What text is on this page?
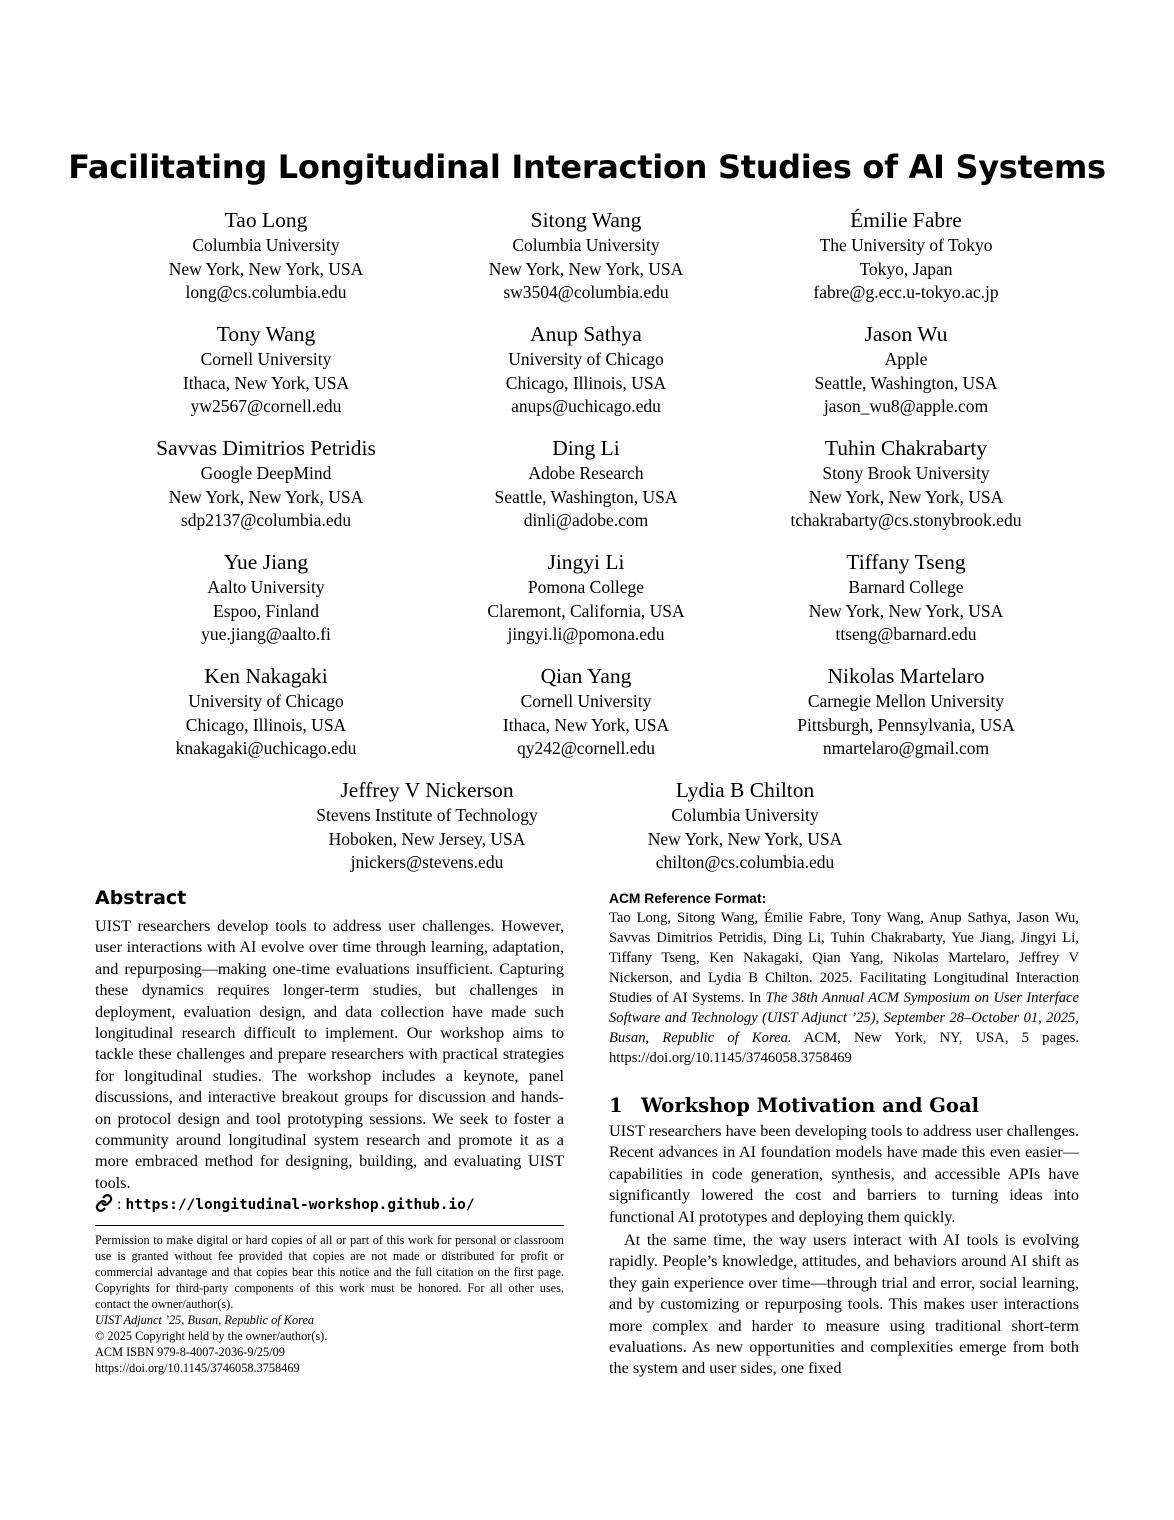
Facilitating Longitudinal Interaction Studies of AI Systems
Tao Long
Columbia University
New York, New York, USA
long@cs.columbia.edu
Sitong Wang
Columbia University
New York, New York, USA
sw3504@columbia.edu
Émilie Fabre
The University of Tokyo
Tokyo, Japan
fabre@g.ecc.u-tokyo.ac.jp
Tony Wang
Cornell University
Ithaca, New York, USA
yw2567@cornell.edu
Anup Sathya
University of Chicago
Chicago, Illinois, USA
anups@uchicago.edu
Jason Wu
Apple
Seattle, Washington, USA
jason_wu8@apple.com
Savvas Dimitrios Petridis
Google DeepMind
New York, New York, USA
sdp2137@columbia.edu
Ding Li
Adobe Research
Seattle, Washington, USA
dinli@adobe.com
Tuhin Chakrabarty
Stony Brook University
New York, New York, USA
tchakrabarty@cs.stonybrook.edu
Yue Jiang
Aalto University
Espoo, Finland
yue.jiang@aalto.fi
Jingyi Li
Pomona College
Claremont, California, USA
jingyi.li@pomona.edu
Tiffany Tseng
Barnard College
New York, New York, USA
ttseng@barnard.edu
Ken Nakagaki
University of Chicago
Chicago, Illinois, USA
knakagaki@uchicago.edu
Qian Yang
Cornell University
Ithaca, New York, USA
qy242@cornell.edu
Nikolas Martelaro
Carnegie Mellon University
Pittsburgh, Pennsylvania, USA
nmartelaro@gmail.com
Jeffrey V Nickerson
Stevens Institute of Technology
Hoboken, New Jersey, USA
jnickers@stevens.edu
Lydia B Chilton
Columbia University
New York, New York, USA
chilton@cs.columbia.edu
Abstract

UIST researchers develop tools to address user challenges. However, user interactions with AI evolve over time through learning, adaptation, and repurposing—making one-time evaluations insufficient. Capturing these dynamics requires longer-term studies, but challenges in deployment, evaluation design, and data collection have made such longitudinal research difficult to implement. Our workshop aims to tackle these challenges and prepare researchers with practical strategies for longitudinal studies. The workshop includes a keynote, panel discussions, and interactive breakout groups for discussion and hands-on protocol design and tool prototyping sessions. We seek to foster a community around longitudinal system research and promote it as a more embraced method for designing, building, and evaluating UIST tools.

: https://longitudinal-workshop.github.io/
Permission to make digital or hard copies of all or part of this work for personal or classroom use is granted without fee provided that copies are not made or distributed for profit or commercial advantage and that copies bear this notice and the full citation on the first page. Copyrights for third-party components of this work must be honored. For all other uses, contact the owner/author(s).
UIST Adjunct ’25, Busan, Republic of Korea
© 2025 Copyright held by the owner/author(s).
ACM ISBN 979-8-4007-2036-9/25/09
https://doi.org/10.1145/3746058.3758469
ACM Reference Format:
Tao Long, Sitong Wang, Émilie Fabre, Tony Wang, Anup Sathya, Jason Wu, Savvas Dimitrios Petridis, Ding Li, Tuhin Chakrabarty, Yue Jiang, Jingyi Li, Tiffany Tseng, Ken Nakagaki, Qian Yang, Nikolas Martelaro, Jeffrey V Nickerson, and Lydia B Chilton. 2025. Facilitating Longitudinal Interaction Studies of AI Systems. In The 38th Annual ACM Symposium on User Interface Software and Technology (UIST Adjunct ’25), September 28–October 01, 2025, Busan, Republic of Korea. ACM, New York, NY, USA, 5 pages. https://doi.org/10.1145/3746058.3758469
1 Workshop Motivation and Goal

UIST researchers have been developing tools to address user challenges. Recent advances in AI foundation models have made this even easier—capabilities in code generation, synthesis, and accessible APIs have significantly lowered the cost and barriers to turning ideas into functional AI prototypes and deploying them quickly.

At the same time, the way users interact with AI tools is evolving rapidly. People’s knowledge, attitudes, and behaviors around AI shift as they gain experience over time—through trial and error, social learning, and by customizing or repurposing tools. This makes user interactions more complex and harder to measure using traditional short-term evaluations. As new opportunities and complexities emerge from both the system and user sides, one fixed
